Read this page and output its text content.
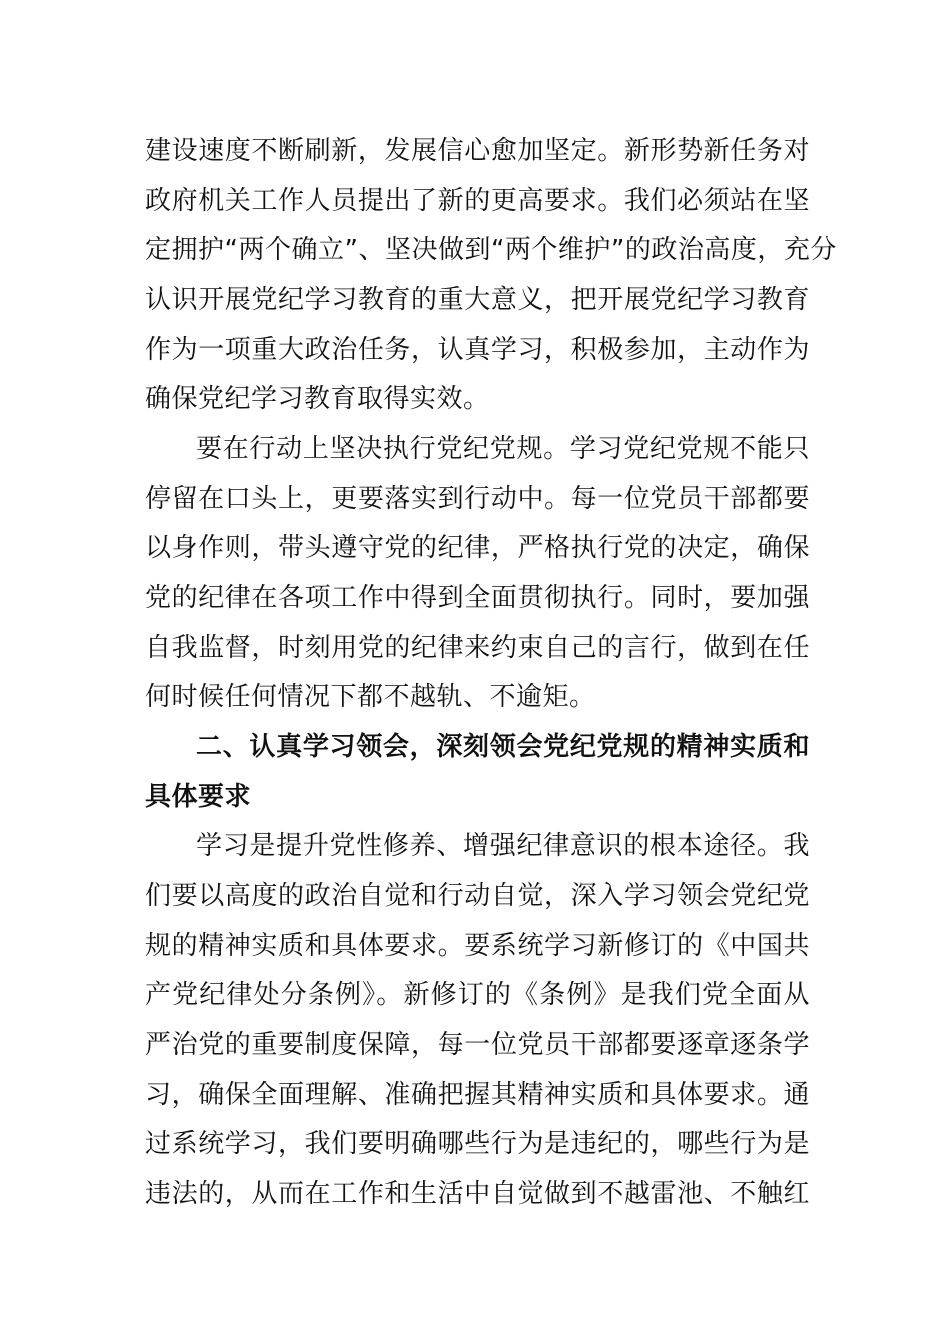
建设速度不断刷新，发展信心愈加坚定。新形势新任务对

政府机关工作人员提出了新的更高要求。我们必须站在坚

定拥护“两个确立”、坚决做到“两个维护”的政治高度，充分

认识开展党纪学习教育的重大意义，把开展党纪学习教育

作为一项重大政治任务，认真学习，积极参加，主动作为

确保党纪学习教育取得实效。

要在行动上坚决执行党纪党规。学习党纪党规不能只

停留在口头上，更要落实到行动中。每一位党员干部都要

以身作则，带头遵守党的纪律，严格执行党的决定，确保

党的纪律在各项工作中得到全面贯彻执行。同时，要加强

自我监督，时刻用党的纪律来约束自己的言行，做到在任

何时候任何情况下都不越轨、不逾矩。

二、认真学习领会，深刻领会党纪党规的精神实质和

具体要求

学习是提升党性修养、增强纪律意识的根本途径。我

们要以高度的政治自觉和行动自觉，深入学习领会党纪党

规的精神实质和具体要求。要系统学习新修订的《中国共

产党纪律处分条例》。新修订的《条例》是我们党全面从

严治党的重要制度保障，每一位党员干部都要逐章逐条学

习，确保全面理解、准确把握其精神实质和具体要求。通

过系统学习，我们要明确哪些行为是违纪的，哪些行为是

违法的，从而在工作和生活中自觉做到不越雷池、不触红
